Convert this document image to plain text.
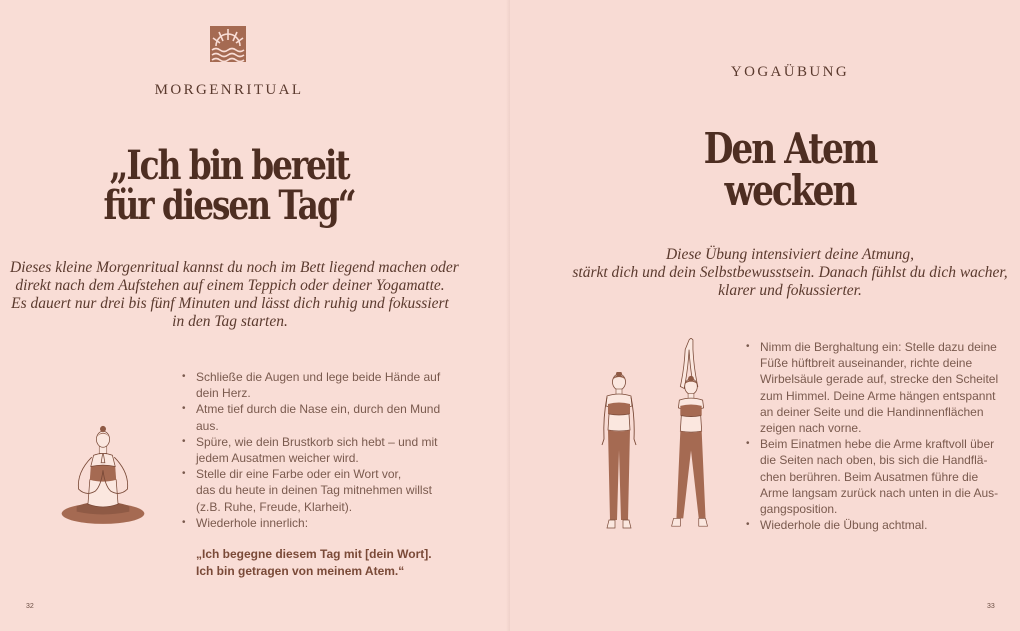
MORGENRITUAL
„Ich bin bereit
für diesen Tag“
Dieses kleine Morgenritual kannst du noch im Bett liegend machen oder
direkt nach dem Aufstehen auf einem Teppich oder deiner Yogamatte.
Es dauert nur drei bis fünf Minuten und lässt dich ruhig und fokussiert
in den Tag starten.
• Schließe die Augen und lege beide Hände auf
dein Herz.
• Atme tief durch die Nase ein, durch den Mund
aus.
• Spüre, wie dein Brustkorb sich hebt – und mit
jedem Ausatmen weicher wird.
• Stelle dir eine Farbe oder ein Wort vor,
das du heute in deinen Tag mitnehmen willst
(z.B. Ruhe, Freude, Klarheit).
• Wiederhole innerlich:
„Ich begegne diesem Tag mit [dein Wort].
Ich bin getragen von meinem Atem.“
32
YOGAÜBUNG
Den Atem
wecken
Diese Übung intensiviert deine Atmung,
stärkt dich und dein Selbstbewusstsein. Danach fühlst du dich wacher,
klarer und fokussierter.
• Nimm die Berghaltung ein: Stelle dazu deine
Füße hüftbreit auseinander, richte deine
Wirbelsäule gerade auf, strecke den Scheitel
zum Himmel. Deine Arme hängen entspannt
an deiner Seite und die Handinnenflächen
zeigen nach vorne.
• Beim Einatmen hebe die Arme kraftvoll über
die Seiten nach oben, bis sich die Handflä-
chen berühren. Beim Ausatmen führe die
Arme langsam zurück nach unten in die Aus-
gangsposition.
• Wiederhole die Übung achtmal.
33
